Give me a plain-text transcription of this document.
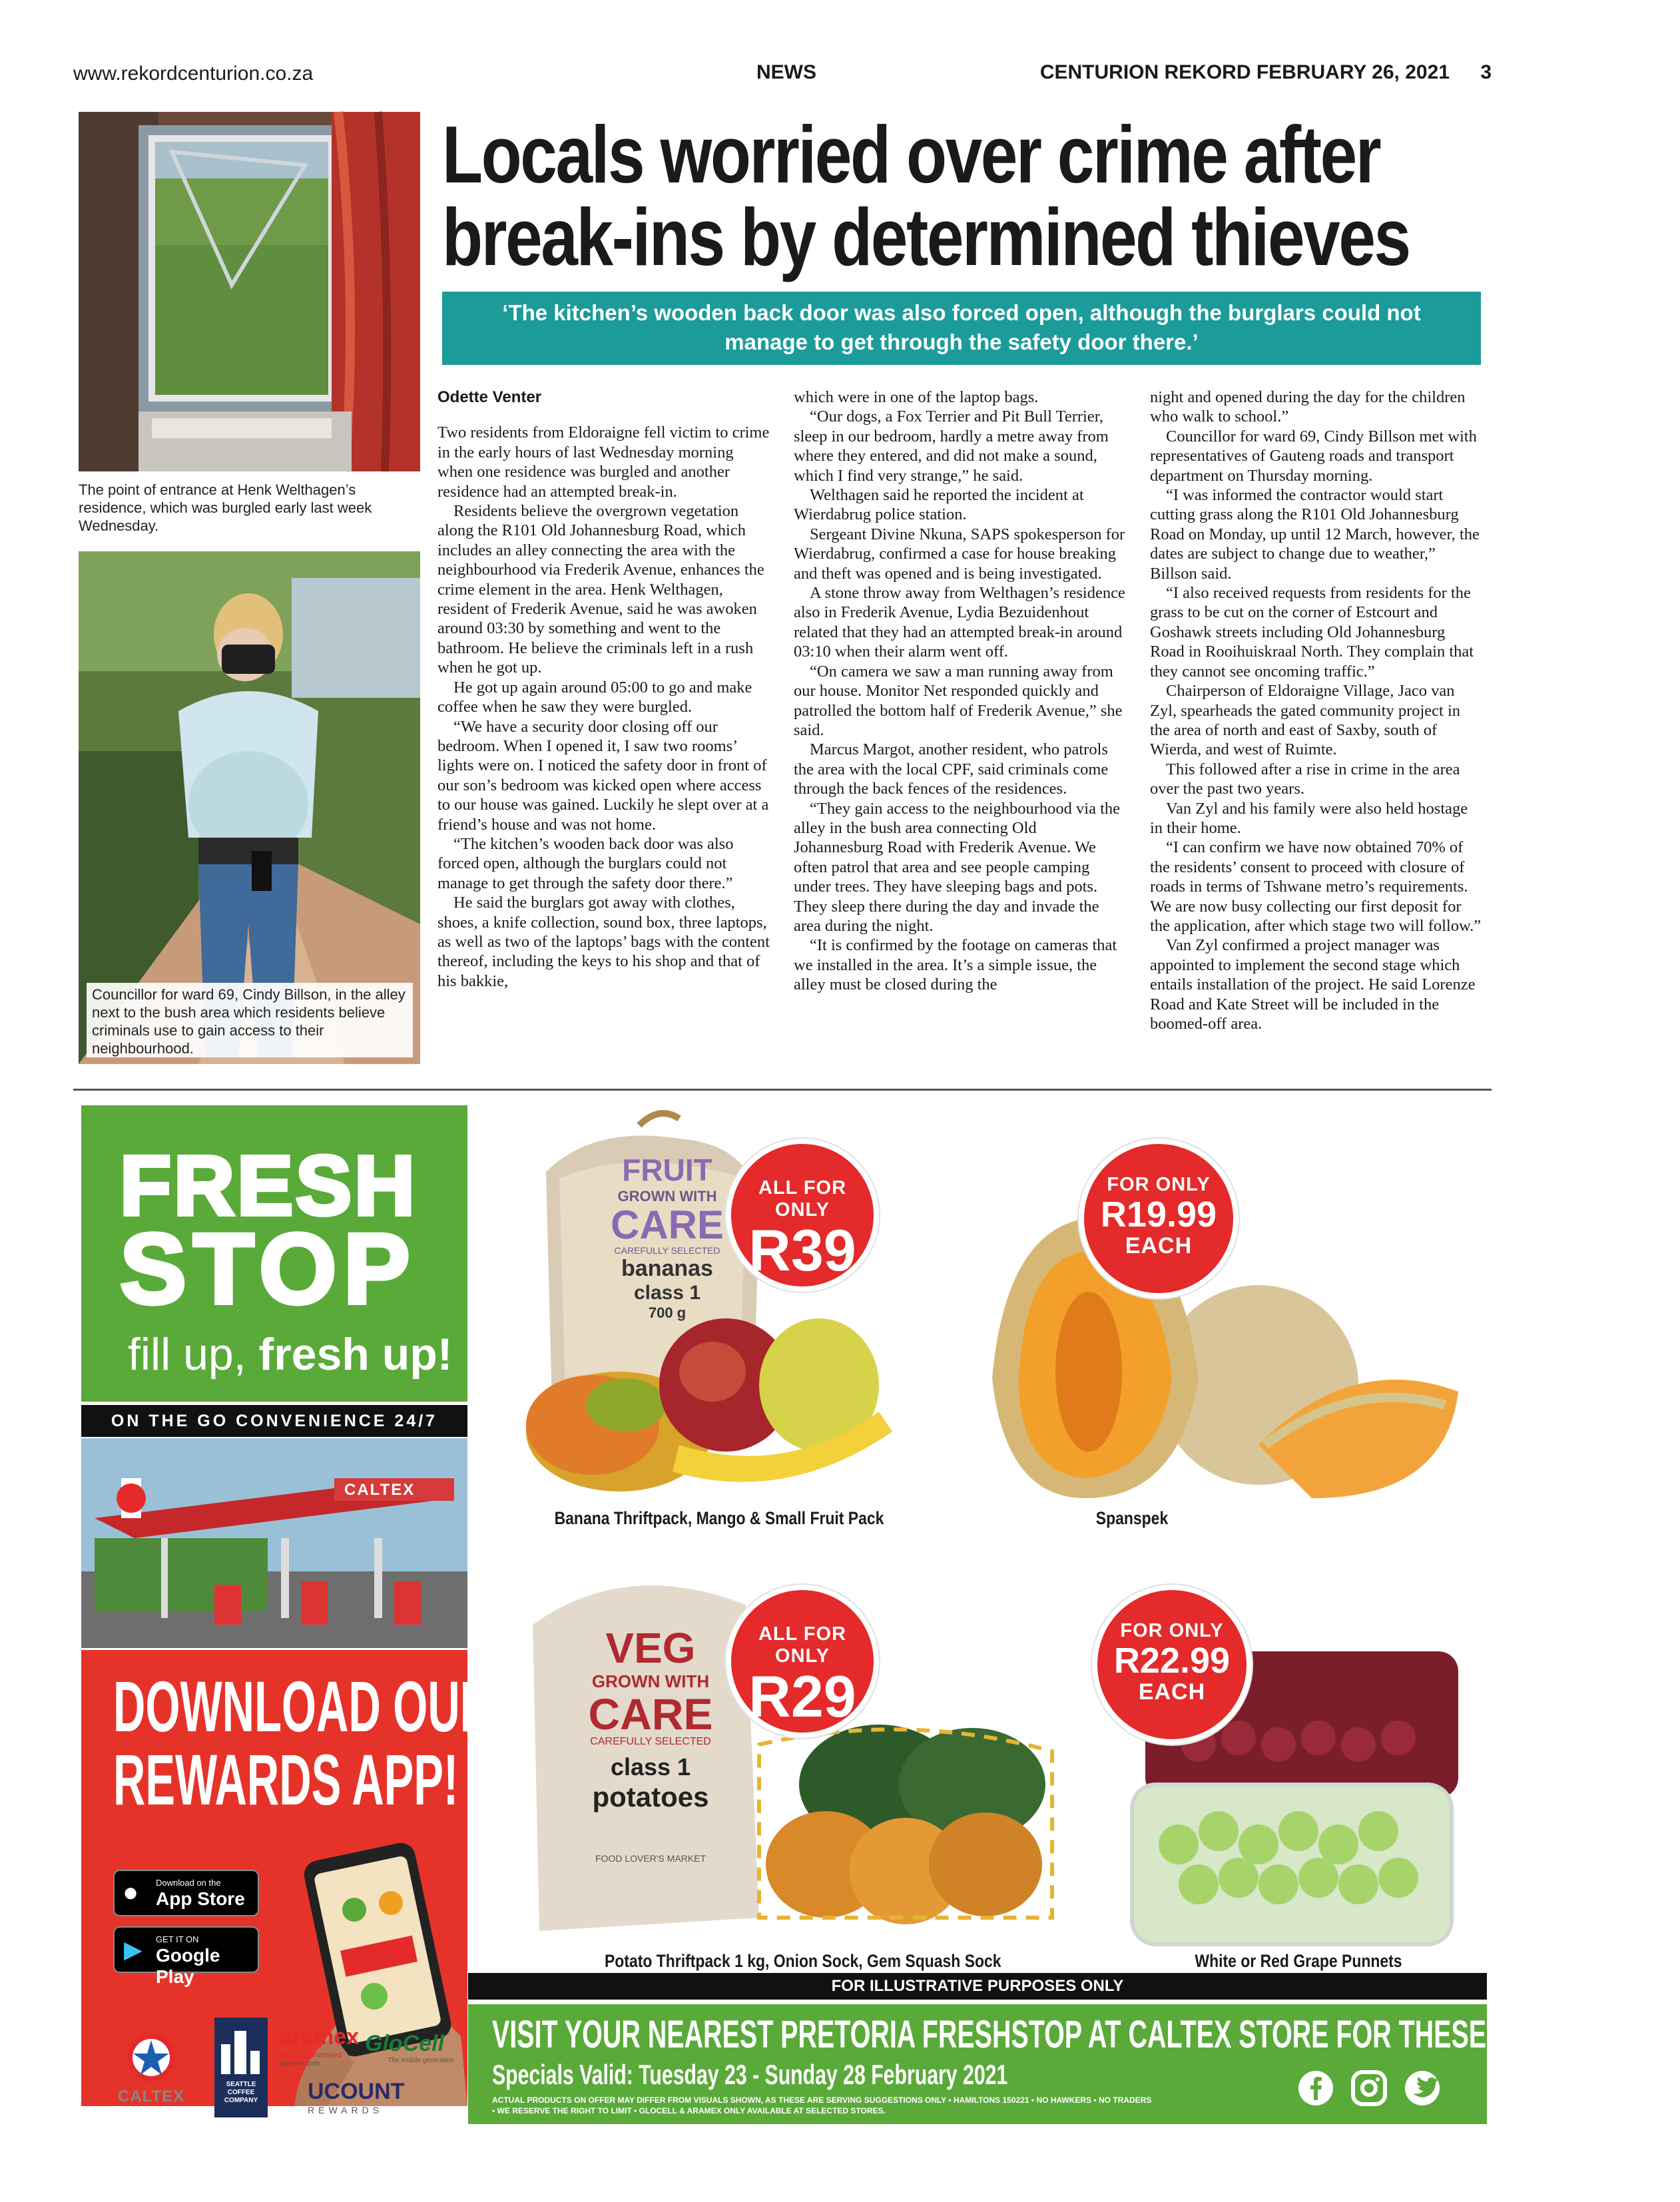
www.rekordcenturion.co.za	NEWS	CENTURION REKORD FEBRUARY 26, 2021 3
The point of entrance at Henk Welthagen’s residence, which was burgled early last week Wednesday.
Councillor for ward 69, Cindy Billson, in the alley next to the bush area which residents believe criminals use to gain access to their neighbourhood.
Locals worried over crime after
break-ins by determined thieves
‘The kitchen’s wooden back door was also forced open, although the burglars could not manage to get through the safety door there.’
Odette Venter

Two residents from Eldoraigne fell victim to crime in the early hours of last Wednesday morning when one residence was burgled and another residence had an attempted break-in.

Residents believe the overgrown vegetation along the R101 Old Johannesburg Road, which includes an alley connecting the area with the neighbourhood via Frederik Avenue, enhances the crime element in the area. Henk Welthagen, resident of Frederik Avenue, said he was awoken around 03:30 by something and went to the bathroom. He believe the criminals left in a rush when he got up.

He got up again around 05:00 to go and make coffee when he saw they were burgled.

“We have a security door closing off our bedroom. When I opened it, I saw two rooms’ lights were on. I noticed the safety door in front of our son’s bedroom was kicked open where access to our house was gained. Luckily he slept over at a friend’s house and was not home.

“The kitchen’s wooden back door was also forced open, although the burglars could not manage to get through the safety door there.”

He said the burglars got away with clothes, shoes, a knife collection, sound box, three laptops, as well as two of the laptops’ bags with the content thereof, including the keys to his shop and that of his bakkie,

which were in one of the laptop bags.

“Our dogs, a Fox Terrier and Pit Bull Terrier, sleep in our bedroom, hardly a metre away from where they entered, and did not make a sound, which I find very strange,” he said.

Welthagen said he reported the incident at Wierdabrug police station.

Sergeant Divine Nkuna, SAPS spokesperson for Wierdabrug, confirmed a case for house breaking and theft was opened and is being investigated.

A stone throw away from Welthagen’s residence also in Frederik Avenue, Lydia Bezuidenhout related that they had an attempted break-in around 03:10 when their alarm went off.

“On camera we saw a man running away from our house. Monitor Net responded quickly and patrolled the bottom half of Frederik Avenue,” she said.

Marcus Margot, another resident, who patrols the area with the local CPF, said criminals come through the back fences of the residences.

“They gain access to the neighbourhood via the alley in the bush area connecting Old Johannesburg Road with Frederik Avenue. We often patrol that area and see people camping under trees. They have sleeping bags and pots. They sleep there during the day and invade the area during the night.

“It is confirmed by the footage on cameras that we installed in the area. It’s a simple issue, the alley must be closed during the

night and opened during the day for the children who walk to school.”

Councillor for ward 69, Cindy Billson met with representatives of Gauteng roads and transport department on Thursday morning.

“I was informed the contractor would start cutting grass along the R101 Old Johannesburg Road on Monday, up until 12 March, however, the dates are subject to change due to weather,” Billson said.

“I also received requests from residents for the grass to be cut on the corner of Estcourt and Goshawk streets including Old Johannesburg Road in Rooihuiskraal North. They complain that they cannot see oncoming traffic.”

Chairperson of Eldoraigne Village, Jaco van Zyl, spearheads the gated community project in the area of north and east of Saxby, south of Wierda, and west of Ruimte.

This followed after a rise in crime in the area over the past two years.

Van Zyl and his family were also held hostage in their home.

“I can confirm we have now obtained 70% of the residents’ consent to proceed with closure of roads in terms of Tshwane metro’s requirements. We are now busy collecting our first deposit for the application, after which stage two will follow.”

Van Zyl confirmed a project manager was appointed to implement the second stage which entails installation of the project. He said Lorenze Road and Kate Street will be included in the boomed-off area.

FRESH
STOP
fill up, fresh up!
ON THE GO CONVENIENCE 24/7
CALTEX
DOWNLOAD OUR
REWARDS APP!
● Download on the
App Store
▶ GET IT ON
Google Play
FRUIT
GROWN WITH
CARE
CAREFULLY SELECTED
bananas
class 1
700 g
ALL FOR ONLY
R39
Banana Thriftpack, Mango & Small Fruit Pack
FOR ONLY
R19.99
EACH
Spanspek
VEG
GROWN WITH
CARE
CAREFULLY SELECTED
class 1
potatoes
FOOD LOVER'S MARKET
ALL FOR ONLY
R29
Potato Thriftpack 1 kg, Onion Sock, Gem Squash Sock
FOR ONLY
R22.99
EACH
White or Red Grape Punnets
FOR ILLUSTRATIVE PURPOSES ONLY
VISIT YOUR NEAREST PRETORIA FRESHSTOP AT CALTEX STORE FOR THESE GREAT DEALS
Specials Valid: Tuesday 23 - Sunday 28 February 2021
ACTUAL PRODUCTS ON OFFER MAY DIFFER FROM VISUALS SHOWN, AS THESE ARE SERVING SUGGESTIONS ONLY • HAMILTONS 150221 • NO HAWKERS • NO TRADERS
• WE RESERVE THE RIGHT TO LIMIT • GLOCELL & ARAMEX ONLY AVAILABLE AT SELECTED STORES.
CALTEX
SEATTLE COFFEE COMPANY
aramex
delivery unlimited
aramex.com
GloCell
The mobile generation
UCOUNT
REWARDS
